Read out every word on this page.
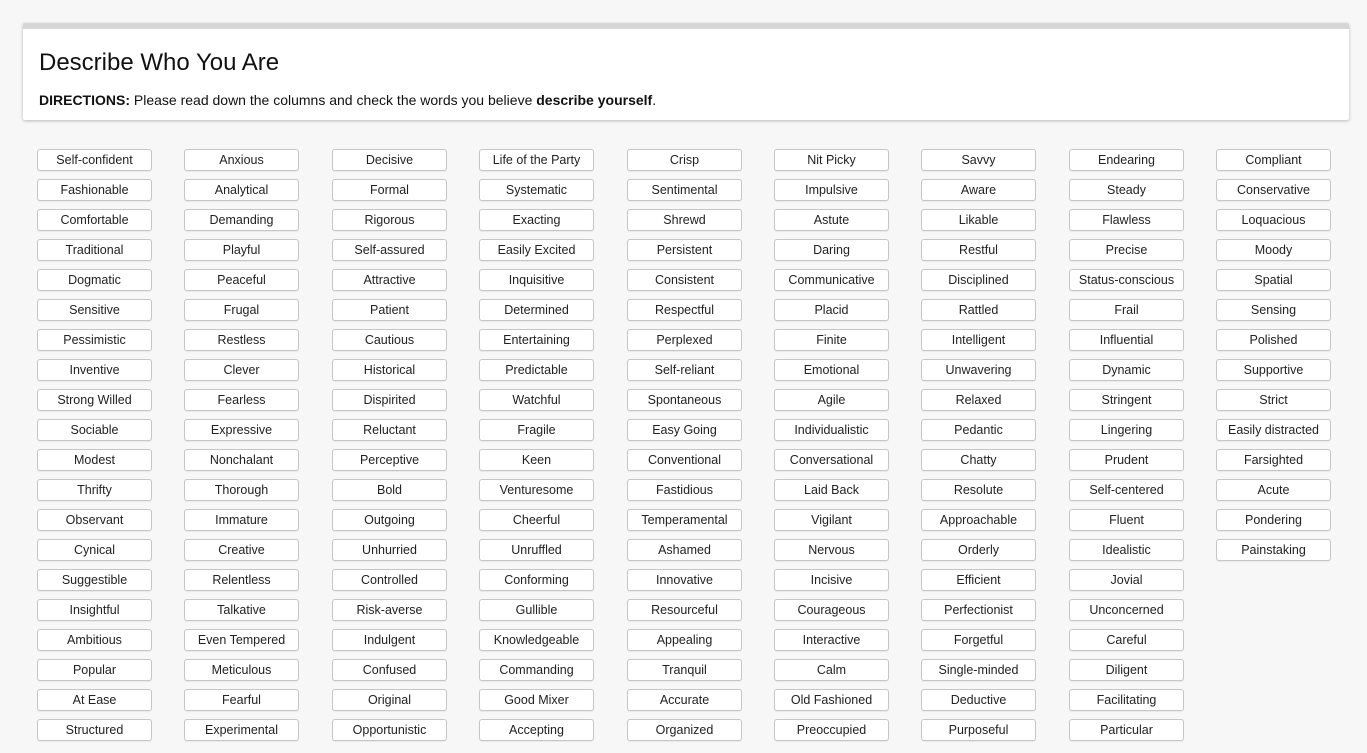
Describe Who You Are

DIRECTIONS: Please read down the columns and check the words you believe describe yourself.

Self-confident
Fashionable
Comfortable
Traditional
Dogmatic
Sensitive
Pessimistic
Inventive
Strong Willed
Sociable
Modest
Thrifty
Observant
Cynical
Suggestible
Insightful
Ambitious
Popular
At Ease
Structured
Anxious
Analytical
Demanding
Playful
Peaceful
Frugal
Restless
Clever
Fearless
Expressive
Nonchalant
Thorough
Immature
Creative
Relentless
Talkative
Even Tempered
Meticulous
Fearful
Experimental
Decisive
Formal
Rigorous
Self-assured
Attractive
Patient
Cautious
Historical
Dispirited
Reluctant
Perceptive
Bold
Outgoing
Unhurried
Controlled
Risk-averse
Indulgent
Confused
Original
Opportunistic
Life of the Party
Systematic
Exacting
Easily Excited
Inquisitive
Determined
Entertaining
Predictable
Watchful
Fragile
Keen
Venturesome
Cheerful
Unruffled
Conforming
Gullible
Knowledgeable
Commanding
Good Mixer
Accepting
Crisp
Sentimental
Shrewd
Persistent
Consistent
Respectful
Perplexed
Self-reliant
Spontaneous
Easy Going
Conventional
Fastidious
Temperamental
Ashamed
Innovative
Resourceful
Appealing
Tranquil
Accurate
Organized
Nit Picky
Impulsive
Astute
Daring
Communicative
Placid
Finite
Emotional
Agile
Individualistic
Conversational
Laid Back
Vigilant
Nervous
Incisive
Courageous
Interactive
Calm
Old Fashioned
Preoccupied
Savvy
Aware
Likable
Restful
Disciplined
Rattled
Intelligent
Unwavering
Relaxed
Pedantic
Chatty
Resolute
Approachable
Orderly
Efficient
Perfectionist
Forgetful
Single-minded
Deductive
Purposeful
Endearing
Steady
Flawless
Precise
Status-conscious
Frail
Influential
Dynamic
Stringent
Lingering
Prudent
Self-centered
Fluent
Idealistic
Jovial
Unconcerned
Careful
Diligent
Facilitating
Particular
Compliant
Conservative
Loquacious
Moody
Spatial
Sensing
Polished
Supportive
Strict
Easily distracted
Farsighted
Acute
Pondering
Painstaking
